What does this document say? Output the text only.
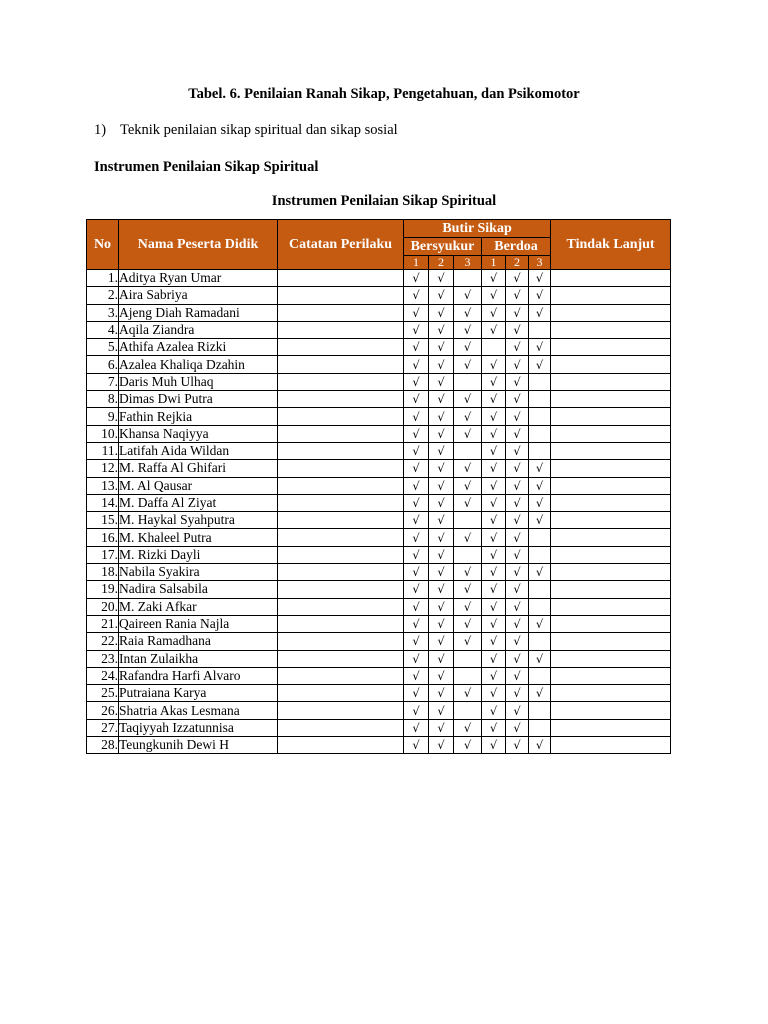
Tabel. 6. Penilaian Ranah Sikap, Pengetahuan, dan Psikomotor
1) Teknik penilaian sikap spiritual dan sikap sosial
Instrumen Penilaian Sikap Spiritual
Instrumen Penilaian Sikap Spiritual
No	Nama Peserta Didik	Catatan Perilaku	Butir Sikap						Tindak Lanjut
			Bersyukur			Berdoa			
			1	2	3	1	2	3	
1.	Aditya Ryan Umar		√	√		√	√	√	
2.	Aira Sabriya		√	√	√	√	√	√	
3.	Ajeng Diah Ramadani		√	√	√	√	√	√	
4.	Aqila Ziandra		√	√	√	√	√		
5.	Athifa Azalea Rizki		√	√	√		√	√	
6.	Azalea Khaliqa Dzahin		√	√	√	√	√	√	
7.	Daris Muh Ulhaq		√	√		√	√		
8.	Dimas Dwi Putra		√	√	√	√	√		
9.	Fathin Rejkia		√	√	√	√	√		
10.	Khansa Naqiyya		√	√	√	√	√		
11.	Latifah Aida Wildan		√	√		√	√		
12.	M. Raffa Al Ghifari		√	√	√	√	√	√	
13.	M. Al Qausar		√	√	√	√	√	√	
14.	M. Daffa Al Ziyat		√	√	√	√	√	√	
15.	M. Haykal Syahputra		√	√		√	√	√	
16.	M. Khaleel Putra		√	√	√	√	√		
17.	M. Rizki Dayli		√	√		√	√		
18.	Nabila Syakira		√	√	√	√	√	√	
19.	Nadira Salsabila		√	√	√	√	√		
20.	M. Zaki Afkar		√	√	√	√	√		
21.	Qaireen Rania Najla		√	√	√	√	√	√	
22.	Raia Ramadhana		√	√	√	√	√		
23.	Intan Zulaikha		√	√		√	√	√	
24.	Rafandra Harfi Alvaro		√	√		√	√		
25.	Putraiana Karya		√	√	√	√	√	√	
26.	Shatria Akas Lesmana		√	√		√	√		
27.	Taqiyyah Izzatunnisa		√	√	√	√	√		
28.	Teungkunih Dewi H		√	√	√	√	√	√	
